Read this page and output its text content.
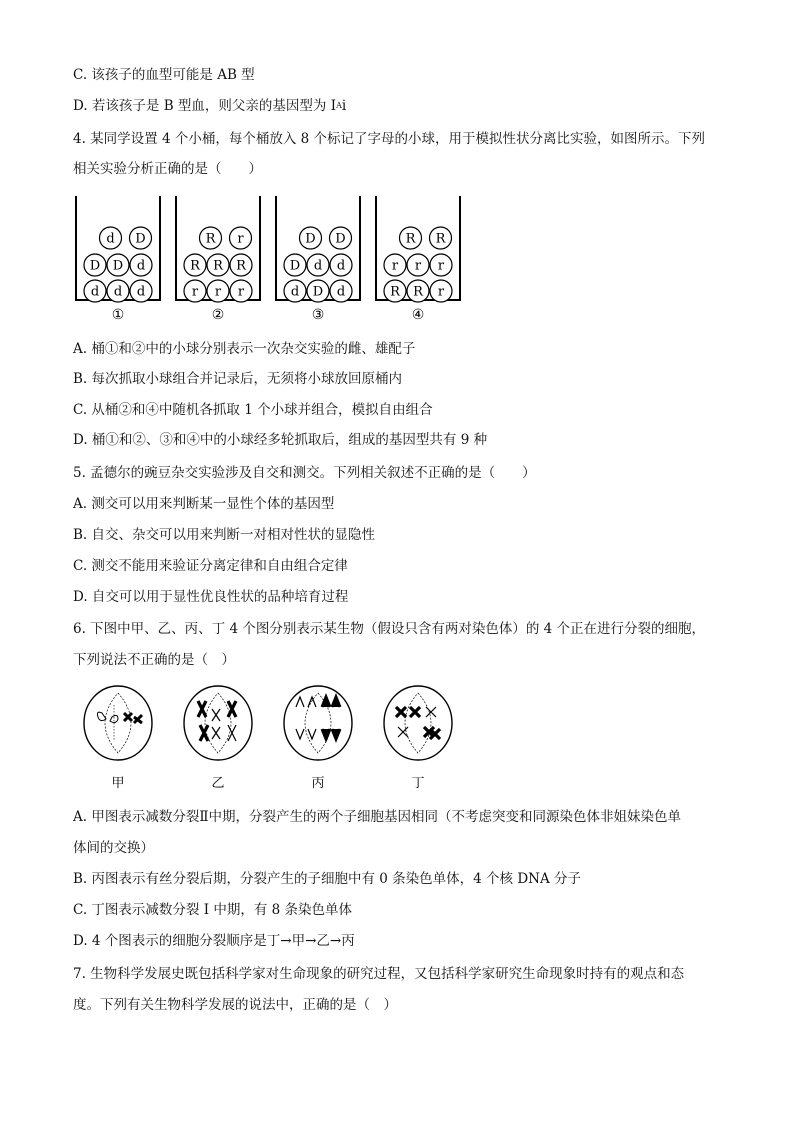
C. 该孩子的血型可能是 AB 型
D. 若该孩子是 B 型血，则父亲的基因型为 $I^Ai$
4. 某同学设置 4 个小桶，每个桶放入 8 个标记了字母的小球，用于模拟性状分离比实验，如图所示。下列
相关实验分析正确的是（　　）
d D
D D d
d d d
①
R r
R R R
r r r
②
D D
D d d
d D d
③
R R
r r r
R R r
④
A. 桶①和②中的小球分别表示一次杂交实验的雌、雄配子
B. 每次抓取小球组合并记录后，无须将小球放回原桶内
C. 从桶②和④中随机各抓取 1 个小球并组合，模拟自由组合
D. 桶①和②、③和④中的小球经多轮抓取后，组成的基因型共有 9 种
5. 孟德尔的豌豆杂交实验涉及自交和测交。下列相关叙述不正确的是（　　）
A. 测交可以用来判断某一显性个体的基因型
B. 自交、杂交可以用来判断一对相对性状的显隐性
C. 测交不能用来验证分离定律和自由组合定律
D. 自交可以用于显性优良性状的品种培育过程
6. 下图中甲、乙、丙、丁 4 个图分别表示某生物（假设只含有两对染色体）的 4 个正在进行分裂的细胞，
下列说法不正确的是（　）
甲	乙	丙	丁
A. 甲图表示减数分裂Ⅱ中期，分裂产生的两个子细胞基因相同（不考虑突变和同源染色体非姐妹染色单
体间的交换）
B. 丙图表示有丝分裂后期，分裂产生的子细胞中有 0 条染色单体，4 个核 DNA 分子
C. 丁图表示减数分裂 I 中期，有 8 条染色单体
D. 4 个图表示的细胞分裂顺序是丁→甲→乙→丙
7. 生物科学发展史既包括科学家对生命现象的研究过程，又包括科学家研究生命现象时持有的观点和态
度。下列有关生物科学发展的说法中，正确的是（　）
